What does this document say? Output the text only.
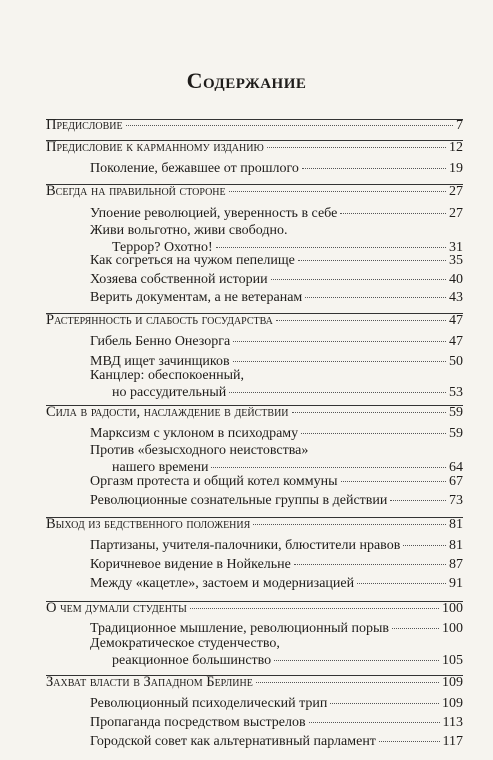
Содержание
Предисловие	7
Предисловие к карманному изданию	12
Поколение, бежавшее от прошлого	19
Всегда на правильной стороне	27
Упоение революцией, уверенность в себе	27
Живи вольготно, живи свободно.
Террор? Охотно!	31
Как согреться на чужом пепелище	35
Хозяева собственной истории	40
Верить документам, а не ветеранам	43
Растерянность и слабость государства	47
Гибель Бенно Онезорга	47
МВД ищет зачинщиков	50
Канцлер: обеспокоенный,
но рассудительный	53
Сила в радости, наслаждение в действии	59
Марксизм с уклоном в психодраму	59
Против «безысходного неистовства»
нашего времени	64
Оргазм протеста и общий котел коммуны	67
Революционные сознательные группы в действии	73
Выход из бедственного положения	81
Партизаны, учителя-палочники, блюстители нравов	81
Коричневое видение в Нойкельне	87
Между «кацетле», застоем и модернизацией	91
О чем думали студенты	100
Традиционное мышление, революционный порыв	100
Демократическое студенчество,
реакционное большинство	105
Захват власти в Западном Берлине	109
Революционный психоделический трип	109
Пропаганда посредством выстрелов	113
Городской совет как альтернативный парламент	117
